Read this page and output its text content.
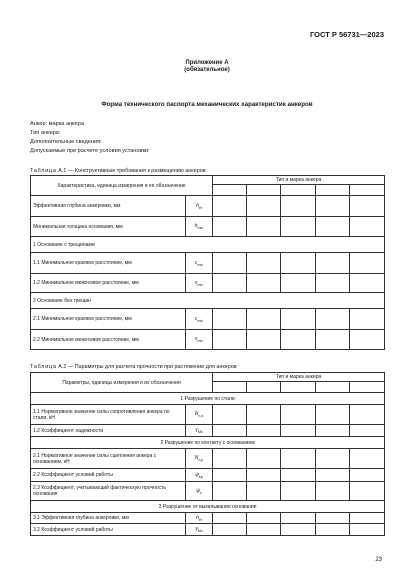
ГОСТ Р 56731—2023
Приложение А
(обязательное)
Форма технического паспорта механических характеристик анкеров
Анкер: марка анкера
Тип анкера:
Дополнительные сведения:
Допускаемые при расчете условия установки:
Таблица А.1 — Конструктивные требования к размещению анкеров
Характеристика, единица измерения и ее обозначение		Тип и марка анкера				

Эффективная глубина анкеровки, мм	$h_{ef}$					
Минимальная толщина основания, мм	$h_{min}$					
1 Основание с трещинами						
1.1 Минимальное краевое расстояние, мм	$c_{min}$					
1.2 Минимальное межосевое расстояние, мм	$s_{min}$					
2 Основание без трещин						
2.1 Минимальное краевое расстояние, мм	$c_{min}$					
2.2 Минимальное межосевое расстояние, мм	$s_{min}$					
Таблица А.2 — Параметры для расчета прочности при растяжении для анкеров
Параметры, единицы измерения и их обозначения		Тип и марка анкера				

1 Разрушение по стали						
1.1 Нормативное значение силы сопротивления анкера по стали, кН	$N_{n,s}$					
1.2 Коэффициент надежности	$\gamma_{Ms}$					
2 Разрушение по контакту с основанием						
2.1 Нормативное значение силы сцепления анкера с основанием, кН	$N_{n,p}$					
2.2 Коэффициент условий работы	$\psi_{sp}$					
2.3 Коэффициент, учитывающий фактическую прочность основания	$\psi_c$					
3 Разрушение от выкалывания основания						
3.1 Эффективная глубина анкеровки, мм	$h_{ef}$					
3.2 Коэффициент условий работы	$\gamma_{Mc}$					
23
